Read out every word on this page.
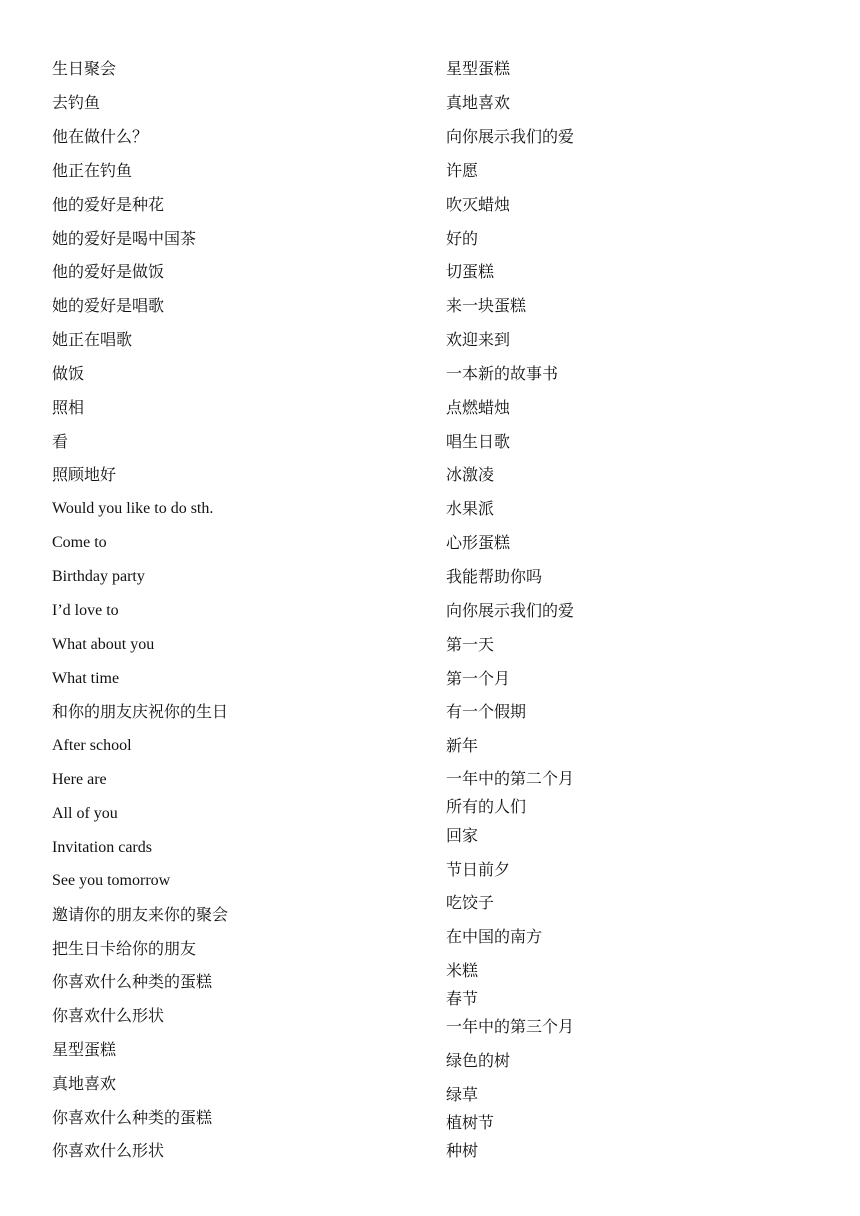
生日聚会
去钓鱼
他在做什么？
他正在钓鱼
他的爱好是种花
她的爱好是喝中国茶
他的爱好是做饭
她的爱好是唱歌
她正在唱歌
做饭
照相
看
照顾地好
Would you like to do sth.
Come to
Birthday party
I’d love to
What about you
What time
和你的朋友庆祝你的生日
After school
Here are
All of you
Invitation cards
See you tomorrow
邀请你的朋友来你的聚会
把生日卡给你的朋友
你喜欢什么种类的蛋糕
你喜欢什么形状
星型蛋糕
真地喜欢
你喜欢什么种类的蛋糕
你喜欢什么形状
星型蛋糕
真地喜欢
向你展示我们的爱
许愿
吹灭蜡烛
好的
切蛋糕
来一块蛋糕
欢迎来到
一本新的故事书
点燃蜡烛
唱生日歌
冰激凌
水果派
心形蛋糕
我能帮助你吗
向你展示我们的爱
第一天
第一个月
有一个假期
新年
一年中的第二个月
所有的人们
回家
节日前夕
吃饺子
在中国的南方
米糕
春节
一年中的第三个月
绿色的树
绿草
植树节
种树
